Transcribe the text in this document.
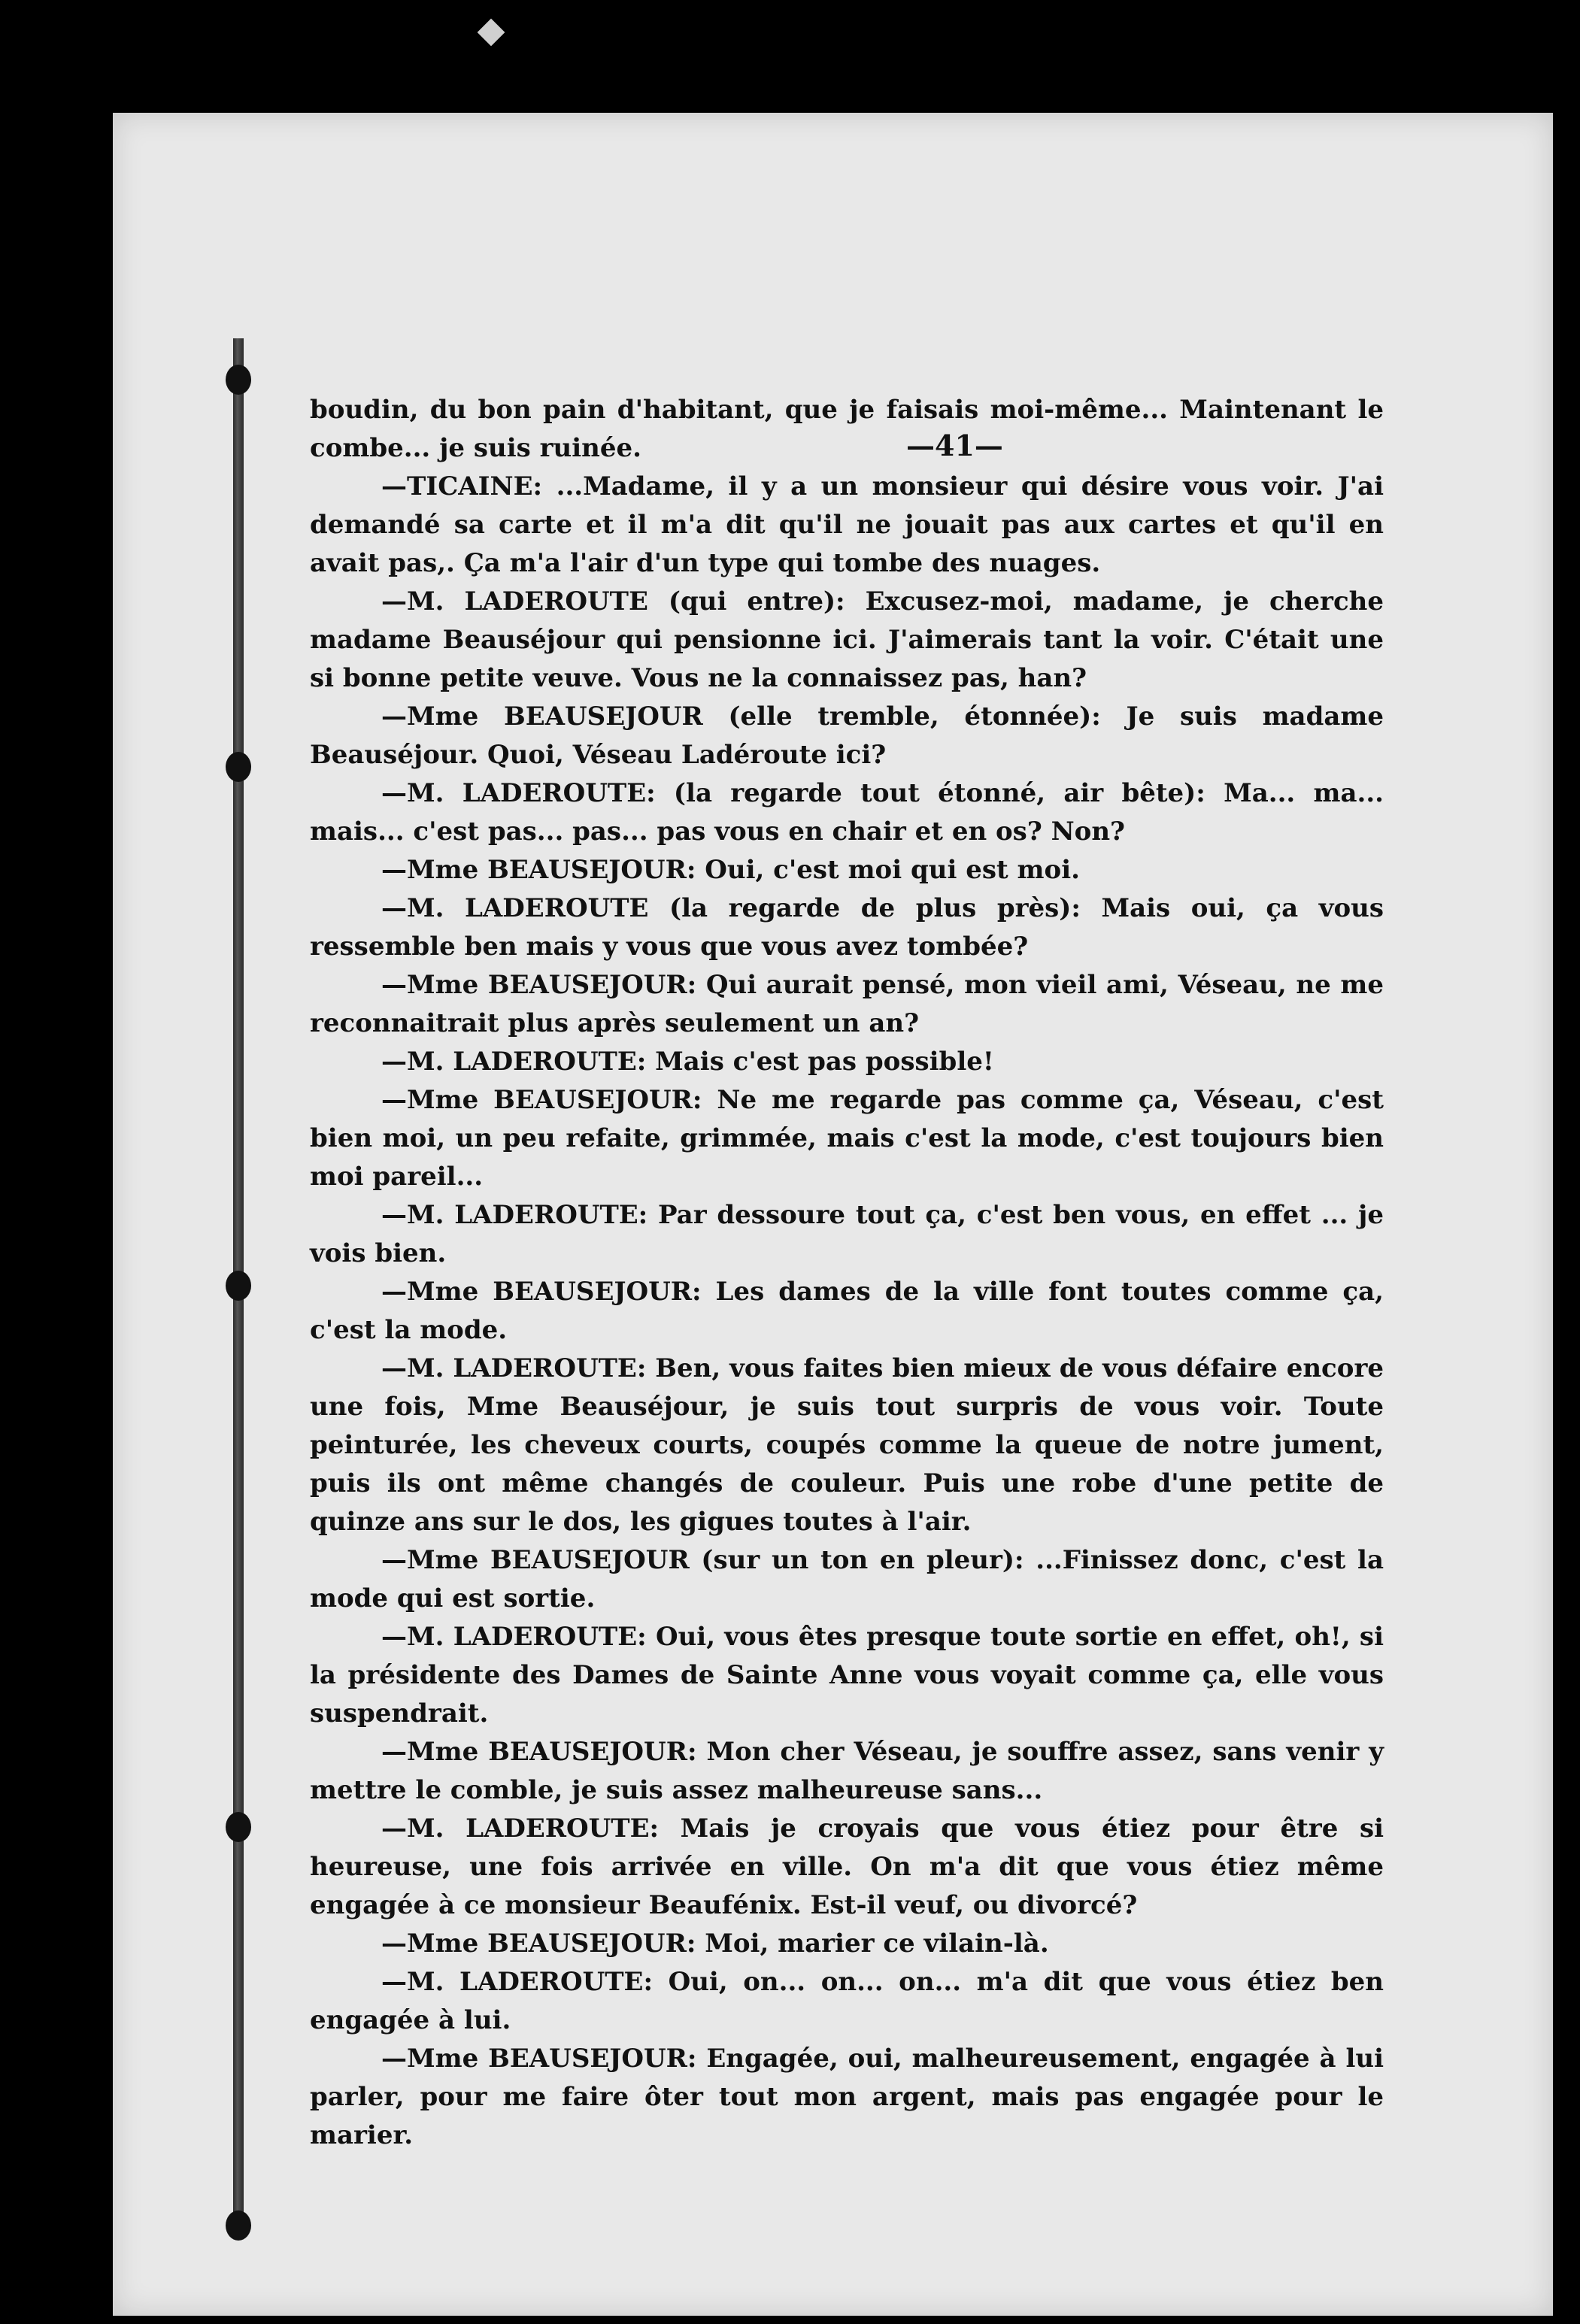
—41—

boudin, du bon pain d'habitant, que je faisais moi-même... Maintenant le combe... je suis ruinée.

—TICAINE: ...Madame, il y a un monsieur qui désire vous voir. J'ai demandé sa carte et il m'a dit qu'il ne jouait pas aux cartes et qu'il en avait pas,. Ça m'a l'air d'un type qui tombe des nuages.

—M. LADEROUTE (qui entre): Excusez-moi, madame, je cherche madame Beauséjour qui pensionne ici. J'aimerais tant la voir. C'était une si bonne petite veuve. Vous ne la connaissez pas, han?

—Mme BEAUSEJOUR (elle tremble, étonnée): Je suis madame Beauséjour. Quoi, Véseau Ladéroute ici?

—M. LADEROUTE: (la regarde tout étonné, air bête): Ma... ma... mais... c'est pas... pas... pas vous en chair et en os? Non?

—Mme BEAUSEJOUR: Oui, c'est moi qui est moi.

—M. LADEROUTE (la regarde de plus près): Mais oui, ça vous ressemble ben mais y vous que vous avez tombée?

—Mme BEAUSEJOUR: Qui aurait pensé, mon vieil ami, Véseau, ne me reconnaitrait plus après seulement un an?

—M. LADEROUTE: Mais c'est pas possible!

—Mme BEAUSEJOUR: Ne me regarde pas comme ça, Véseau, c'est bien moi, un peu refaite, grimmée, mais c'est la mode, c'est toujours bien moi pareil...

—M. LADEROUTE: Par dessoure tout ça, c'est ben vous, en effet ... je vois bien.

—Mme BEAUSEJOUR: Les dames de la ville font toutes comme ça, c'est la mode.

—M. LADEROUTE: Ben, vous faites bien mieux de vous défaire encore une fois, Mme Beauséjour, je suis tout surpris de vous voir. Toute peinturée, les cheveux courts, coupés comme la queue de notre jument, puis ils ont même changés de couleur. Puis une robe d'une petite de quinze ans sur le dos, les gigues toutes à l'air.

—Mme BEAUSEJOUR (sur un ton en pleur): ...Finissez donc, c'est la mode qui est sortie.

—M. LADEROUTE: Oui, vous êtes presque toute sortie en effet, oh!, si la présidente des Dames de Sainte Anne vous voyait comme ça, elle vous suspendrait.

—Mme BEAUSEJOUR: Mon cher Véseau, je souffre assez, sans venir y mettre le comble, je suis assez malheureuse sans...

—M. LADEROUTE: Mais je croyais que vous étiez pour être si heureuse, une fois arrivée en ville. On m'a dit que vous étiez même engagée à ce monsieur Beaufénix. Est-il veuf, ou divorcé?

—Mme BEAUSEJOUR: Moi, marier ce vilain-là.

—M. LADEROUTE: Oui, on... on... on... m'a dit que vous étiez ben engagée à lui.

—Mme BEAUSEJOUR: Engagée, oui, malheureusement, engagée à lui parler, pour me faire ôter tout mon argent, mais pas engagée pour le marier.
